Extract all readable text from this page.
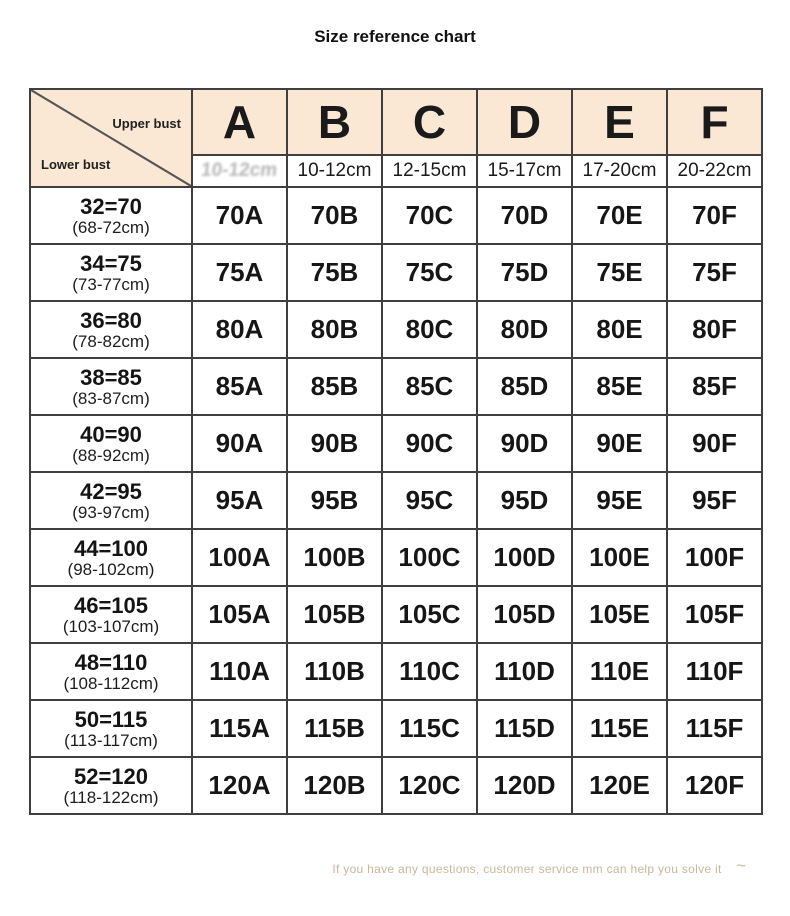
Size reference chart
Upper bust
Lower bust	A	B	C	D	E	F
	10-12cm	10-12cm	12-15cm	15-17cm	17-20cm	20-22cm

32=70
(68-72cm)	70A	70B	70C	70D	70E	70F

34=75
(73-77cm)	75A	75B	75C	75D	75E	75F

36=80
(78-82cm)	80A	80B	80C	80D	80E	80F

38=85
(83-87cm)	85A	85B	85C	85D	85E	85F

40=90
(88-92cm)	90A	90B	90C	90D	90E	90F

42=95
(93-97cm)	95A	95B	95C	95D	95E	95F

44=100
(98-102cm)	100A	100B	100C	100D	100E	100F

46=105
(103-107cm)	105A	105B	105C	105D	105E	105F

48=110
(108-112cm)	110A	110B	110C	110D	110E	110F

50=115
(113-117cm)	115A	115B	115C	115D	115E	115F

52=120
(118-122cm)	120A	120B	120C	120D	120E	120F
If you have any questions, customer service mm can help you solve it ~
